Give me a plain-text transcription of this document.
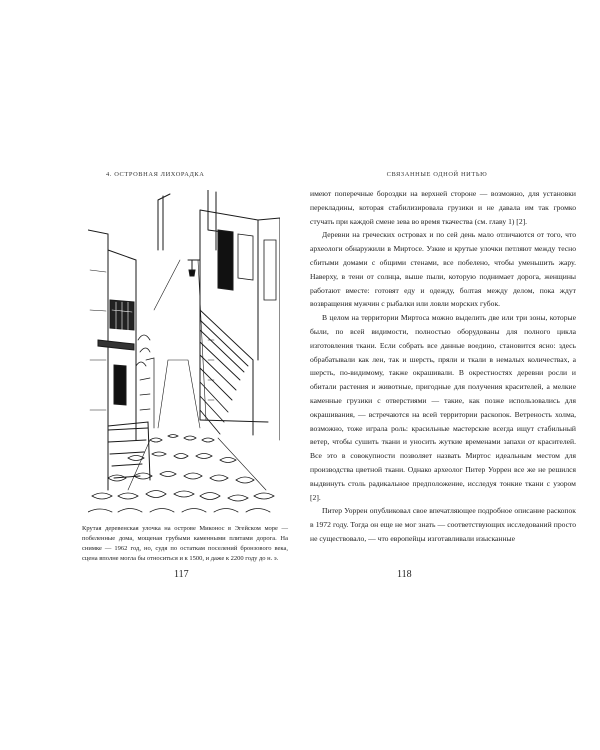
4. ОСТРОВНАЯ ЛИХОРАДКА
Крутая деревенская улочка на острове Миконос в Эгейском море — побеленные дома, мощеная грубыми каменными плитами дорога. На снимке — 1962 год, но, судя по остаткам поселений бронзового века, сцена вполне могла бы относиться и к 1500, и даже к 2200 году до н. э.
117
СВЯЗАННЫЕ ОДНОЙ НИТЬЮ

имеют поперечные бороздки на верхней стороне — возможно, для установки перекладины, которая стабилизировала грузики и не давала им так громко стучать при каждой смене зева во время ткачества (см. главу 1) [2].

Деревни на греческих островах и по сей день мало отличаются от того, что археологи обнаружили в Миртосе. Узкие и крутые улочки петляют между тесно сбитыми домами с общими стенами, все побелено, чтобы уменьшить жару. Наверху, в тени от солнца, выше пыли, которую поднимает дорога, женщины работают вместе: готовят еду и одежду, болтая между делом, пока ждут возвращения мужчин с рыбалки или ловли морских губок.

В целом на территории Миртоса можно выделить две или три зоны, которые были, по всей видимости, полностью оборудованы для полного цикла изготовления ткани. Если собрать все данные воедино, становится ясно: здесь обрабатывали как лен, так и шерсть, пряли и ткали в немалых количествах, а шерсть, по-видимому, также окрашивали. В окрестностях деревни росли и обитали растения и животные, пригодные для получения красителей, а мелкие каменные грузики с отверстиями — такие, как позже использовались для окрашивания, — встречаются на всей территории раскопок. Ветреность холма, возможно, тоже играла роль: красильные мастерские всегда ищут стабильный ветер, чтобы сушить ткани и уносить жуткие временами запахи от красителей. Все это в совокупности позволяет назвать Миртос идеальным местом для производства цветной ткани. Однако археолог Питер Уоррен все же не решился выдвинуть столь радикальное предположение, исследуя тонкие ткани с узором [2].

Питер Уоррен опубликовал свое впечатляющее подробное описание раскопок в 1972 году. Тогда он еще не мог знать — соответствующих исследований просто не существовало, — что европейцы изготавливали изысканные

118
